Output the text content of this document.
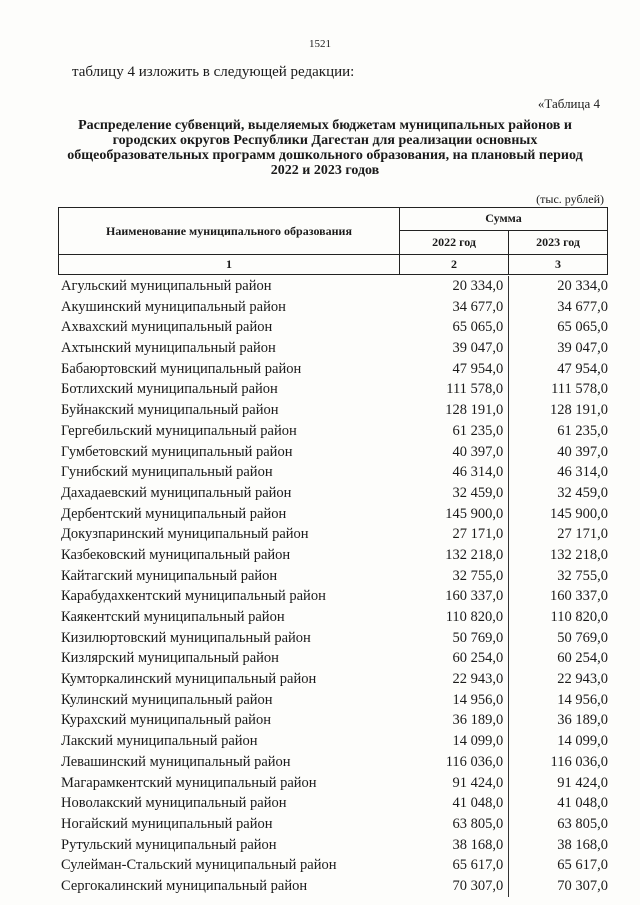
1521
таблицу 4 изложить в следующей редакции:
«Таблица 4
Распределение субвенций, выделяемых бюджетам муниципальных районов и городских округов Республики Дагестан для реализации основных общеобразовательных программ дошкольного образования, на плановый период 2022 и 2023 годов
(тыс. рублей)
Наименование муниципального образования	Сумма	
	2022 год	2023 год
1	2	3
Агульский муниципальный район	20 334,0	20 334,0
Акушинский муниципальный район	34 677,0	34 677,0
Ахвахский муниципальный район	65 065,0	65 065,0
Ахтынский муниципальный район	39 047,0	39 047,0
Бабаюртовский муниципальный район	47 954,0	47 954,0
Ботлихский муниципальный район	111 578,0	111 578,0
Буйнакский муниципальный район	128 191,0	128 191,0
Гергебильский муниципальный район	61 235,0	61 235,0
Гумбетовский муниципальный район	40 397,0	40 397,0
Гунибский муниципальный район	46 314,0	46 314,0
Дахадаевский муниципальный район	32 459,0	32 459,0
Дербентский муниципальный район	145 900,0	145 900,0
Докузпаринский муниципальный район	27 171,0	27 171,0
Казбековский муниципальный район	132 218,0	132 218,0
Кайтагский муниципальный район	32 755,0	32 755,0
Карабудахкентский муниципальный район	160 337,0	160 337,0
Каякентский муниципальный район	110 820,0	110 820,0
Кизилюртовский муниципальный район	50 769,0	50 769,0
Кизлярский муниципальный район	60 254,0	60 254,0
Кумторкалинский муниципальный район	22 943,0	22 943,0
Кулинский муниципальный район	14 956,0	14 956,0
Курахский муниципальный район	36 189,0	36 189,0
Лакский муниципальный район	14 099,0	14 099,0
Левашинский муниципальный район	116 036,0	116 036,0
Магарамкентский муниципальный район	91 424,0	91 424,0
Новолакский муниципальный район	41 048,0	41 048,0
Ногайский муниципальный район	63 805,0	63 805,0
Рутульский муниципальный район	38 168,0	38 168,0
Сулейман-Стальский муниципальный район	65 617,0	65 617,0
Сергокалинский муниципальный район	70 307,0	70 307,0
